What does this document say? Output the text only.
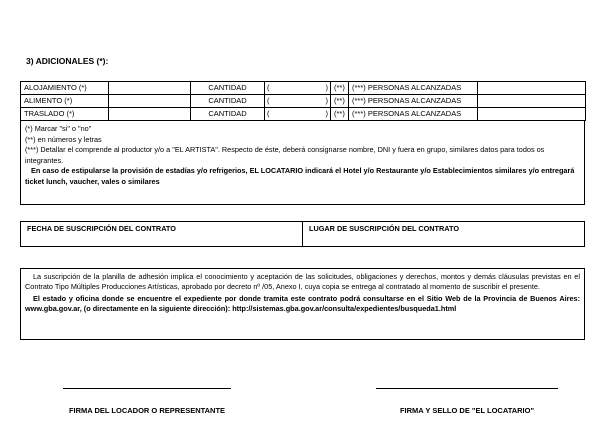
3) ADICIONALES (*):
ALOJAMIENTO (*)		CANTIDAD	( )	(**)	(***) PERSONAS ALCANZADAS	
ALIMENTO (*)		CANTIDAD	( )	(**)	(***) PERSONAS ALCANZADAS	
TRASLADO (*)		CANTIDAD	( )	(**)	(***) PERSONAS ALCANZADAS	

(*) Marcar "si" o "no"

(**) en números y letras

(***) Detallar el comprende al productor y/o a "EL ARTISTA". Respecto de éste, deberá consignarse nombre, DNI y fuera en grupo, similares datos para todos os integrantes.

En caso de estipularse la provisión de estadías y/o refrigerios, EL LOCATARIO indicará el Hotel y/o Restaurante y/o Establecimientos similares y/o entregará ticket lunch, vaucher, vales o similares

FECHA DE SUSCRIPCIÓN DEL CONTRATO	LUGAR DE SUSCRIPCIÓN DEL CONTRATO

La suscripción de la planilla de adhesión implica el conocimiento y aceptación de las solicitudes, obligaciones y derechos, montos y demás cláusulas previstas en el Contrato Tipo Múltiples Producciones Artísticas, aprobado por decreto nº /05, Anexo I, cuya copia se entrega al contratado al momento de suscribir el presente.

El estado y oficina donde se encuentre el expediente por donde tramita este contrato podrá consultarse en el Sitio Web de la Provincia de Buenos Aires: www.gba.gov.ar, (o directamente en la siguiente dirección): http://sistemas.gba.gov.ar/consulta/expedientes/busqueda1.html

FIRMA DEL LOCADOR O REPRESENTANTE	FIRMA Y SELLO DE "EL LOCATARIO"
